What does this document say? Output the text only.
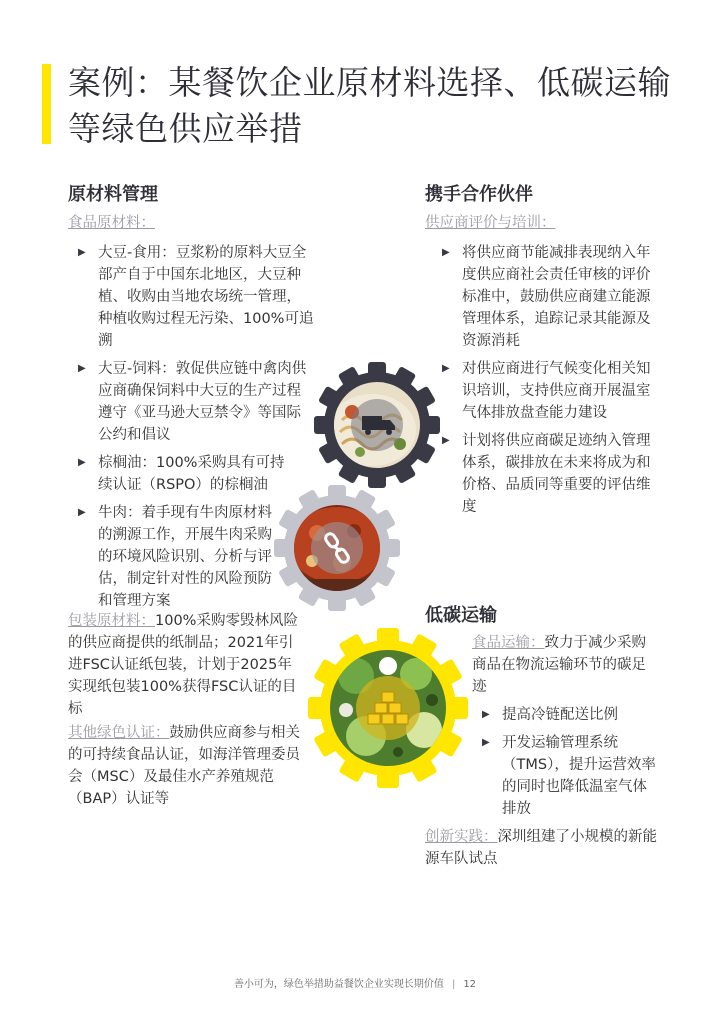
案例：某餐饮企业原材料选择、低碳运输等绿色供应举措
原材料管理
食品原材料：
▶ 大豆-食用：豆浆粉的原料大豆全部产自于中国东北地区，大豆种植、收购由当地农场统一管理，种植收购过程无污染、100%可追溯
▶ 大豆-饲料：敦促供应链中禽肉供应商确保饲料中大豆的生产过程遵守《亚马逊大豆禁令》等国际公约和倡议
▶ 棕榈油：100%采购具有可持续认证（RSPO）的棕榈油
▶ 牛肉：着手现有牛肉原材料的溯源工作，开展牛肉采购的环境风险识别、分析与评估，制定针对性的风险预防和管理方案
包装原材料：100%采购零毁林风险的供应商提供的纸制品；2021年引进FSC认证纸包装，计划于2025年实现纸包装100%获得FSC认证的目标
其他绿色认证：鼓励供应商参与相关的可持续食品认证，如海洋管理委员会（MSC）及最佳水产养殖规范（BAP）认证等
携手合作伙伴
供应商评价与培训：
▶ 将供应商节能减排表现纳入年度供应商社会责任审核的评价标准中，鼓励供应商建立能源管理体系，追踪记录其能源及资源消耗
▶ 对供应商进行气候变化相关知识培训，支持供应商开展温室气体排放盘查能力建设
▶ 计划将供应商碳足迹纳入管理体系，碳排放在未来将成为和价格、品质同等重要的评估维度
低碳运输
食品运输：致力于减少采购商品在物流运输环节的碳足迹
▶ 提高冷链配送比例
▶ 开发运输管理系统（TMS），提升运营效率的同时也降低温室气体排放
创新实践：深圳组建了小规模的新能源车队试点
善小可为，绿色举措助益餐饮企业实现长期价值 | 12
